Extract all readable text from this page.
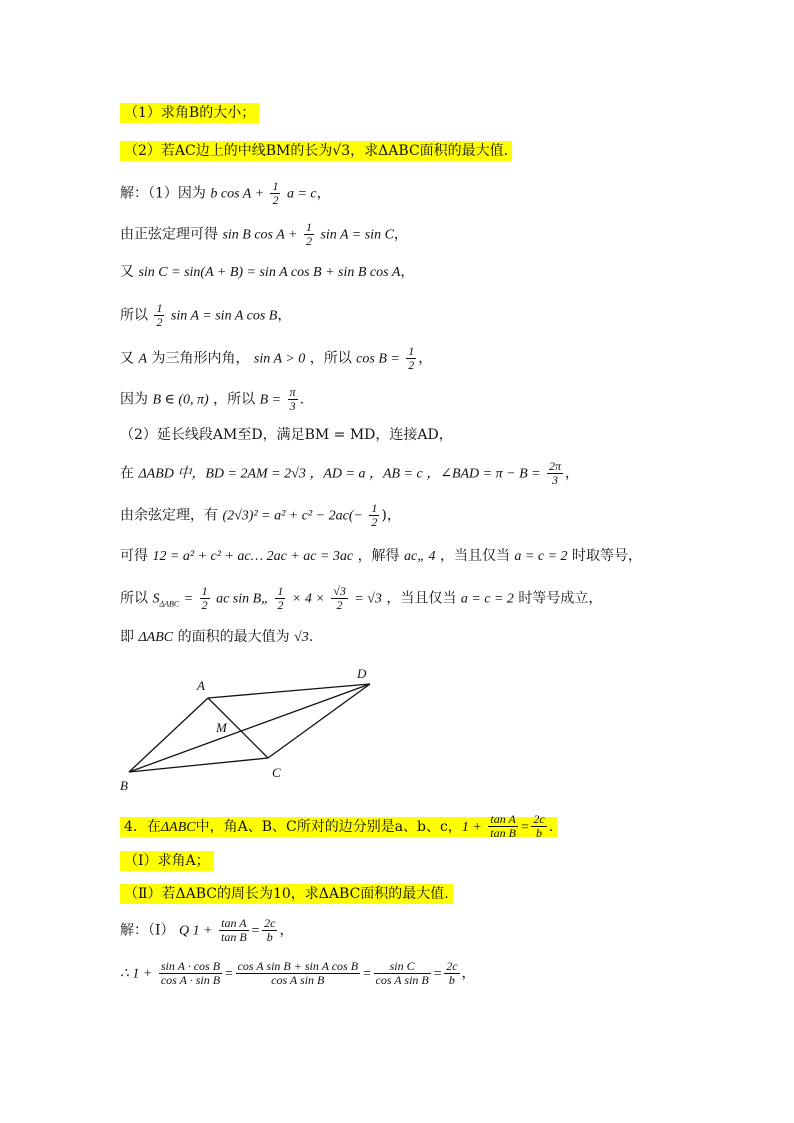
（1）求角B的大小；
（2）若AC边上的中线BM的长为√3，求ΔABC面积的最大值.
解：（1）因为 b $\cos A + \frac{1}{2}$ a = c，
由正弦定理可得 sin B $\cos A + \frac{1}{2}$ sin A = sin C，
又 sin C = sin(A + B) = sin A cos B + sin B cos A，
所以 $\frac{1}{2}$ sin A = sin A cos B，
又 A 为三角形内角， sin A > 0 ，所以 $\cos B = \frac{1}{2}$ ，
因为 B ∈ (0, π) ，所以 $B = \frac{\pi}{3}$ .
（2）延长线段AM至D，满足BM = MD，连接AD，
在 ΔABD 中，BD = 2AM = 2√3 ，AD = a ，AB = c ，∠BAD = $\pi - B = \frac{2\pi}{3}$ ，
由余弦定理，有 $(2√3)^2 = a^2 + c^2 - 2ac(- \frac{1}{2}$ )，
可得 12 = a² + c² + ac… 2ac + ac = 3ac ，解得 ac„ 4 ，当且仅当 a = c = 2 时取等号，
所以 $S_{\Delta ABC} = \frac{1}{2}$ ac sin B„ $\frac{1}{2} \times 4 \times \frac{√3}{2} = √3$ ，当且仅当 a = c = 2 时等号成立，
即 ΔABC 的面积的最大值为 √3.
A
B
C
D
M
4．在ΔABC中，角A、B、C所对的边分别是a、b、c，$1 + \frac{\text{tan A}}{\text{tan B}} = \frac{2c}{b}$ .
（Ⅰ）求角A；
（Ⅱ）若ΔABC的周长为10，求ΔABC面积的最大值.
解：（Ⅰ） Q $1 + \frac{\text{tan A}}{\text{tan B}} = \frac{2c}{b}$ ，
∴ $1 + \frac{\text{sin A · cos B}}{\text{cos A · sin B}} = \frac{\text{cos A sin B + sin A cos B}}{\text{cos A sin B}} = \frac{\text{sin C}}{\text{cos A sin B}} = \frac{2c}{b}$ ，
